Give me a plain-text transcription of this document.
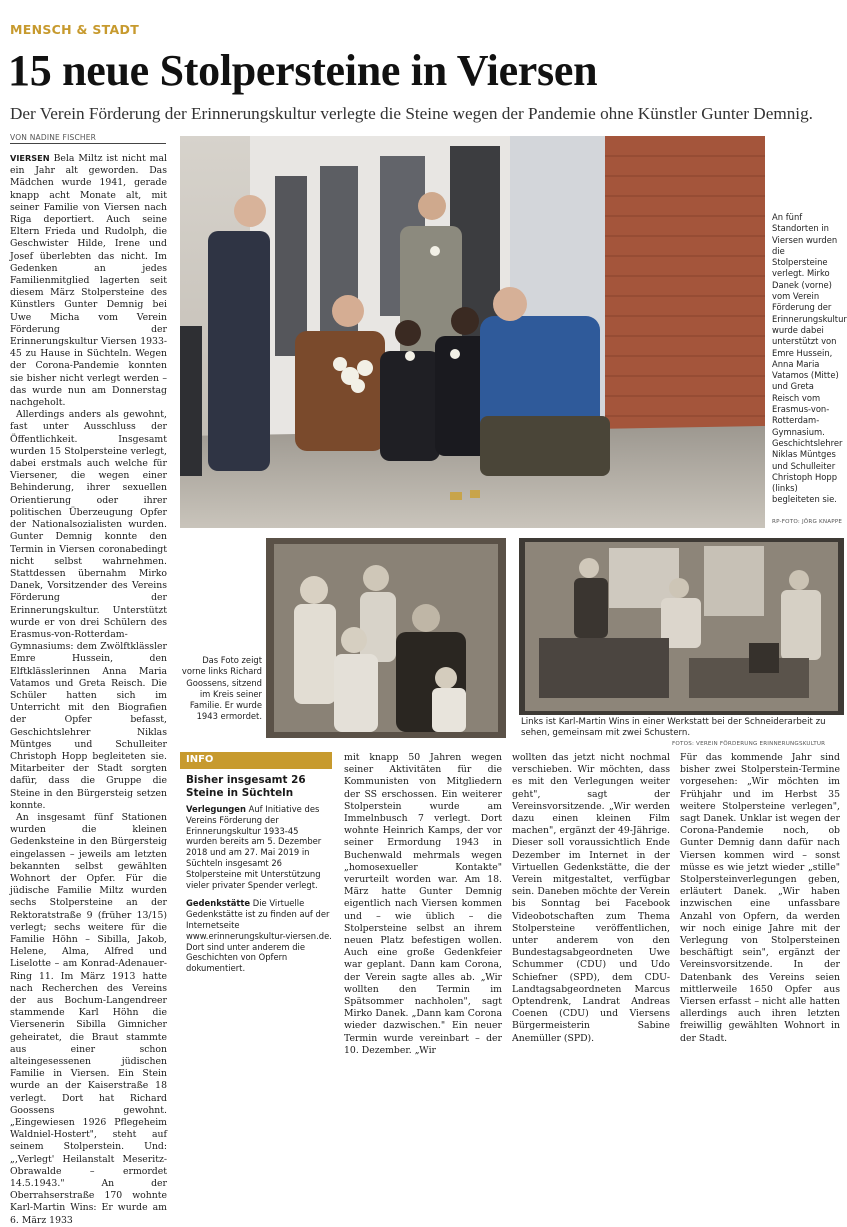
MENSCH & STADT
15 neue Stolpersteine in Viersen
Der Verein Förderung der Erinnerungskultur verlegte die Steine wegen der Pandemie ohne Künstler Gunter Demnig.
VON NADINE FISCHER

VIERSEN Bela Miltz ist nicht mal ein Jahr alt geworden. Das Mädchen wurde 1941, gerade knapp acht Monate alt, mit seiner Familie von Viersen nach Riga deportiert. Auch seine Eltern Frieda und Rudolph, die Geschwister Hilde, Irene und Josef überlebten das nicht. Im Gedenken an jedes Familienmitglied lagerten seit diesem März Stolpersteine des Künstlers Gunter Demnig bei Uwe Micha vom Verein Förderung der Erinnerungskultur Viersen 1933-45 zu Hause in Süchteln. Wegen der Corona-Pandemie konnten sie bisher nicht verlegt werden – das wurde nun am Donnerstag nachgeholt.

Allerdings anders als gewohnt, fast unter Ausschluss der Öffentlichkeit. Insgesamt wurden 15 Stolpersteine verlegt, dabei erstmals auch welche für Viersener, die wegen einer Behinderung, ihrer sexuellen Orientierung oder ihrer politischen Überzeugung Opfer der Nationalsozialisten wurden. Gunter Demnig konnte den Termin in Viersen coronabedingt nicht selbst wahrnehmen. Stattdessen übernahm Mirko Danek, Vorsitzender des Vereins Förderung der Erinnerungskultur. Unterstützt wurde er von drei Schülern des Erasmus-von-Rotterdam-Gymnasiums: dem Zwölftklässler Emre Hussein, den Elftklässlerinnen Anna Maria Vatamos und Greta Reisch. Die Schüler hatten sich im Unterricht mit den Biografien der Opfer befasst, Geschichtslehrer Niklas Müntges und Schulleiter Christoph Hopp begleiteten sie. Mitarbeiter der Stadt sorgten dafür, dass die Gruppe die Steine in den Bürgersteig setzen konnte.

An insgesamt fünf Stationen wurden die kleinen Gedenksteine in den Bürgersteig eingelassen – jeweils am letzten bekannten selbst gewählten Wohnort der Opfer. Für die jüdische Familie Miltz wurden sechs Stolpersteine an der Rektoratstraße 9 (früher 13/15) verlegt; sechs weitere für die Familie Höhn – Sibilla, Jakob, Helene, Alma, Alfred und Liselotte – am Konrad-Adenauer-Ring 11. Im März 1913 hatte nach Recherchen des Vereins der aus Bochum-Langendreer stammende Karl Höhn die Viersenerin Sibilla Gimnicher geheiratet, die Braut stammte aus einer schon alteingesessenen jüdischen Familie in Viersen. Ein Stein wurde an der Kaiserstraße 18 verlegt. Dort hat Richard Goossens gewohnt. „Eingewiesen 1926 Pflegeheim Waldniel-Hostert", steht auf seinem Stolperstein. Und: „‚Verlegt' Heilanstalt Meseritz-Obrawalde – ermordet 14.5.1943." An der Oberrahserstraße 170 wohnte Karl-Martin Wins: Er wurde am 6. März 1933

An fünf Standorten in Viersen wurden die Stolpersteine verlegt. Mirko Danek (vorne) vom Verein Förderung der Erinnerungskultur wurde dabei unterstützt von Emre Hussein, Anna Maria Vatamos (Mitte) und Greta Reisch vom Erasmus-von-Rotterdam-Gymnasium. Geschichtslehrer Niklas Müntges und Schulleiter Christoph Hopp (links) begleiteten sie.
RP-FOTO: JÖRG KNAPPE
Das Foto zeigt vorne links Richard Goossens, sitzend im Kreis seiner Familie. Er wurde 1943 ermordet.
Links ist Karl-Martin Wins in einer Werkstatt bei der Schneiderarbeit zu sehen, gemeinsam mit zwei Schustern.
FOTOS: VEREIN FÖRDERUNG ERINNERUNGSKULTUR
INFO
Bisher insgesamt 26 Steine in Süchteln
Verlegungen Auf Initiative des Vereins Förderung der Erinnerungskultur 1933-45 wurden bereits am 5. Dezember 2018 und am 27. Mai 2019 in Süchteln insgesamt 26 Stolpersteine mit Unterstützung vieler privater Spender verlegt.
Gedenkstätte Die Virtuelle Gedenkstätte ist zu finden auf der Internetseite www.erinnerungskultur-viersen.de. Dort sind unter anderem die Geschichten von Opfern dokumentiert.
mit knapp 50 Jahren wegen seiner Aktivitäten für die Kommunisten von Mitgliedern der SS erschossen. Ein weiterer Stolperstein wurde am Immelnbusch 7 verlegt. Dort wohnte Heinrich Kamps, der vor seiner Ermordung 1943 in Buchenwald mehrmals wegen „homosexueller Kontakte" verurteilt worden war. Am 18. März hatte Gunter Demnig eigentlich nach Viersen kommen und – wie üblich – die Stolpersteine selbst an ihrem neuen Platz befestigen wollen. Auch eine große Gedenkfeier war geplant. Dann kam Corona, der Verein sagte alles ab. „Wir wollten den Termin im Spätsommer nachholen", sagt Mirko Danek. „Dann kam Corona wieder dazwischen." Ein neuer Termin wurde vereinbart – der 10. Dezember. „Wir
wollten das jetzt nicht nochmal verschieben. Wir möchten, dass es mit den Verlegungen weiter geht", sagt der Vereinsvorsitzende. „Wir werden dazu einen kleinen Film machen", ergänzt der 49-Jährige. Dieser soll voraussichtlich Ende Dezember im Internet in der Virtuellen Gedenkstätte, die der Verein mitgestaltet, verfügbar sein. Daneben möchte der Verein bis Sonntag bei Facebook Videobotschaften zum Thema Stolpersteine veröffentlichen, unter anderem von den Bundestagsabgeordneten Uwe Schummer (CDU) und Udo Schiefner (SPD), dem CDU-Landtagsabgeordneten Marcus Optendrenk, Landrat Andreas Coenen (CDU) und Viersens Bürgermeisterin Sabine Anemüller (SPD).
Für das kommende Jahr sind bisher zwei Stolperstein-Termine vorgesehen: „Wir möchten im Frühjahr und im Herbst 35 weitere Stolpersteine verlegen", sagt Danek. Unklar ist wegen der Corona-Pandemie noch, ob Gunter Demnig dann dafür nach Viersen kommen wird – sonst müsse es wie jetzt wieder „stille" Stolpersteinverlegungen geben, erläutert Danek. „Wir haben inzwischen eine unfassbare Anzahl von Opfern, da werden wir noch einige Jahre mit der Verlegung von Stolpersteinen beschäftigt sein", ergänzt der Vereinsvorsitzende. In der Datenbank des Vereins seien mittlerweile 1650 Opfer aus Viersen erfasst – nicht alle hatten allerdings auch ihren letzten freiwillig gewählten Wohnort in der Stadt.
